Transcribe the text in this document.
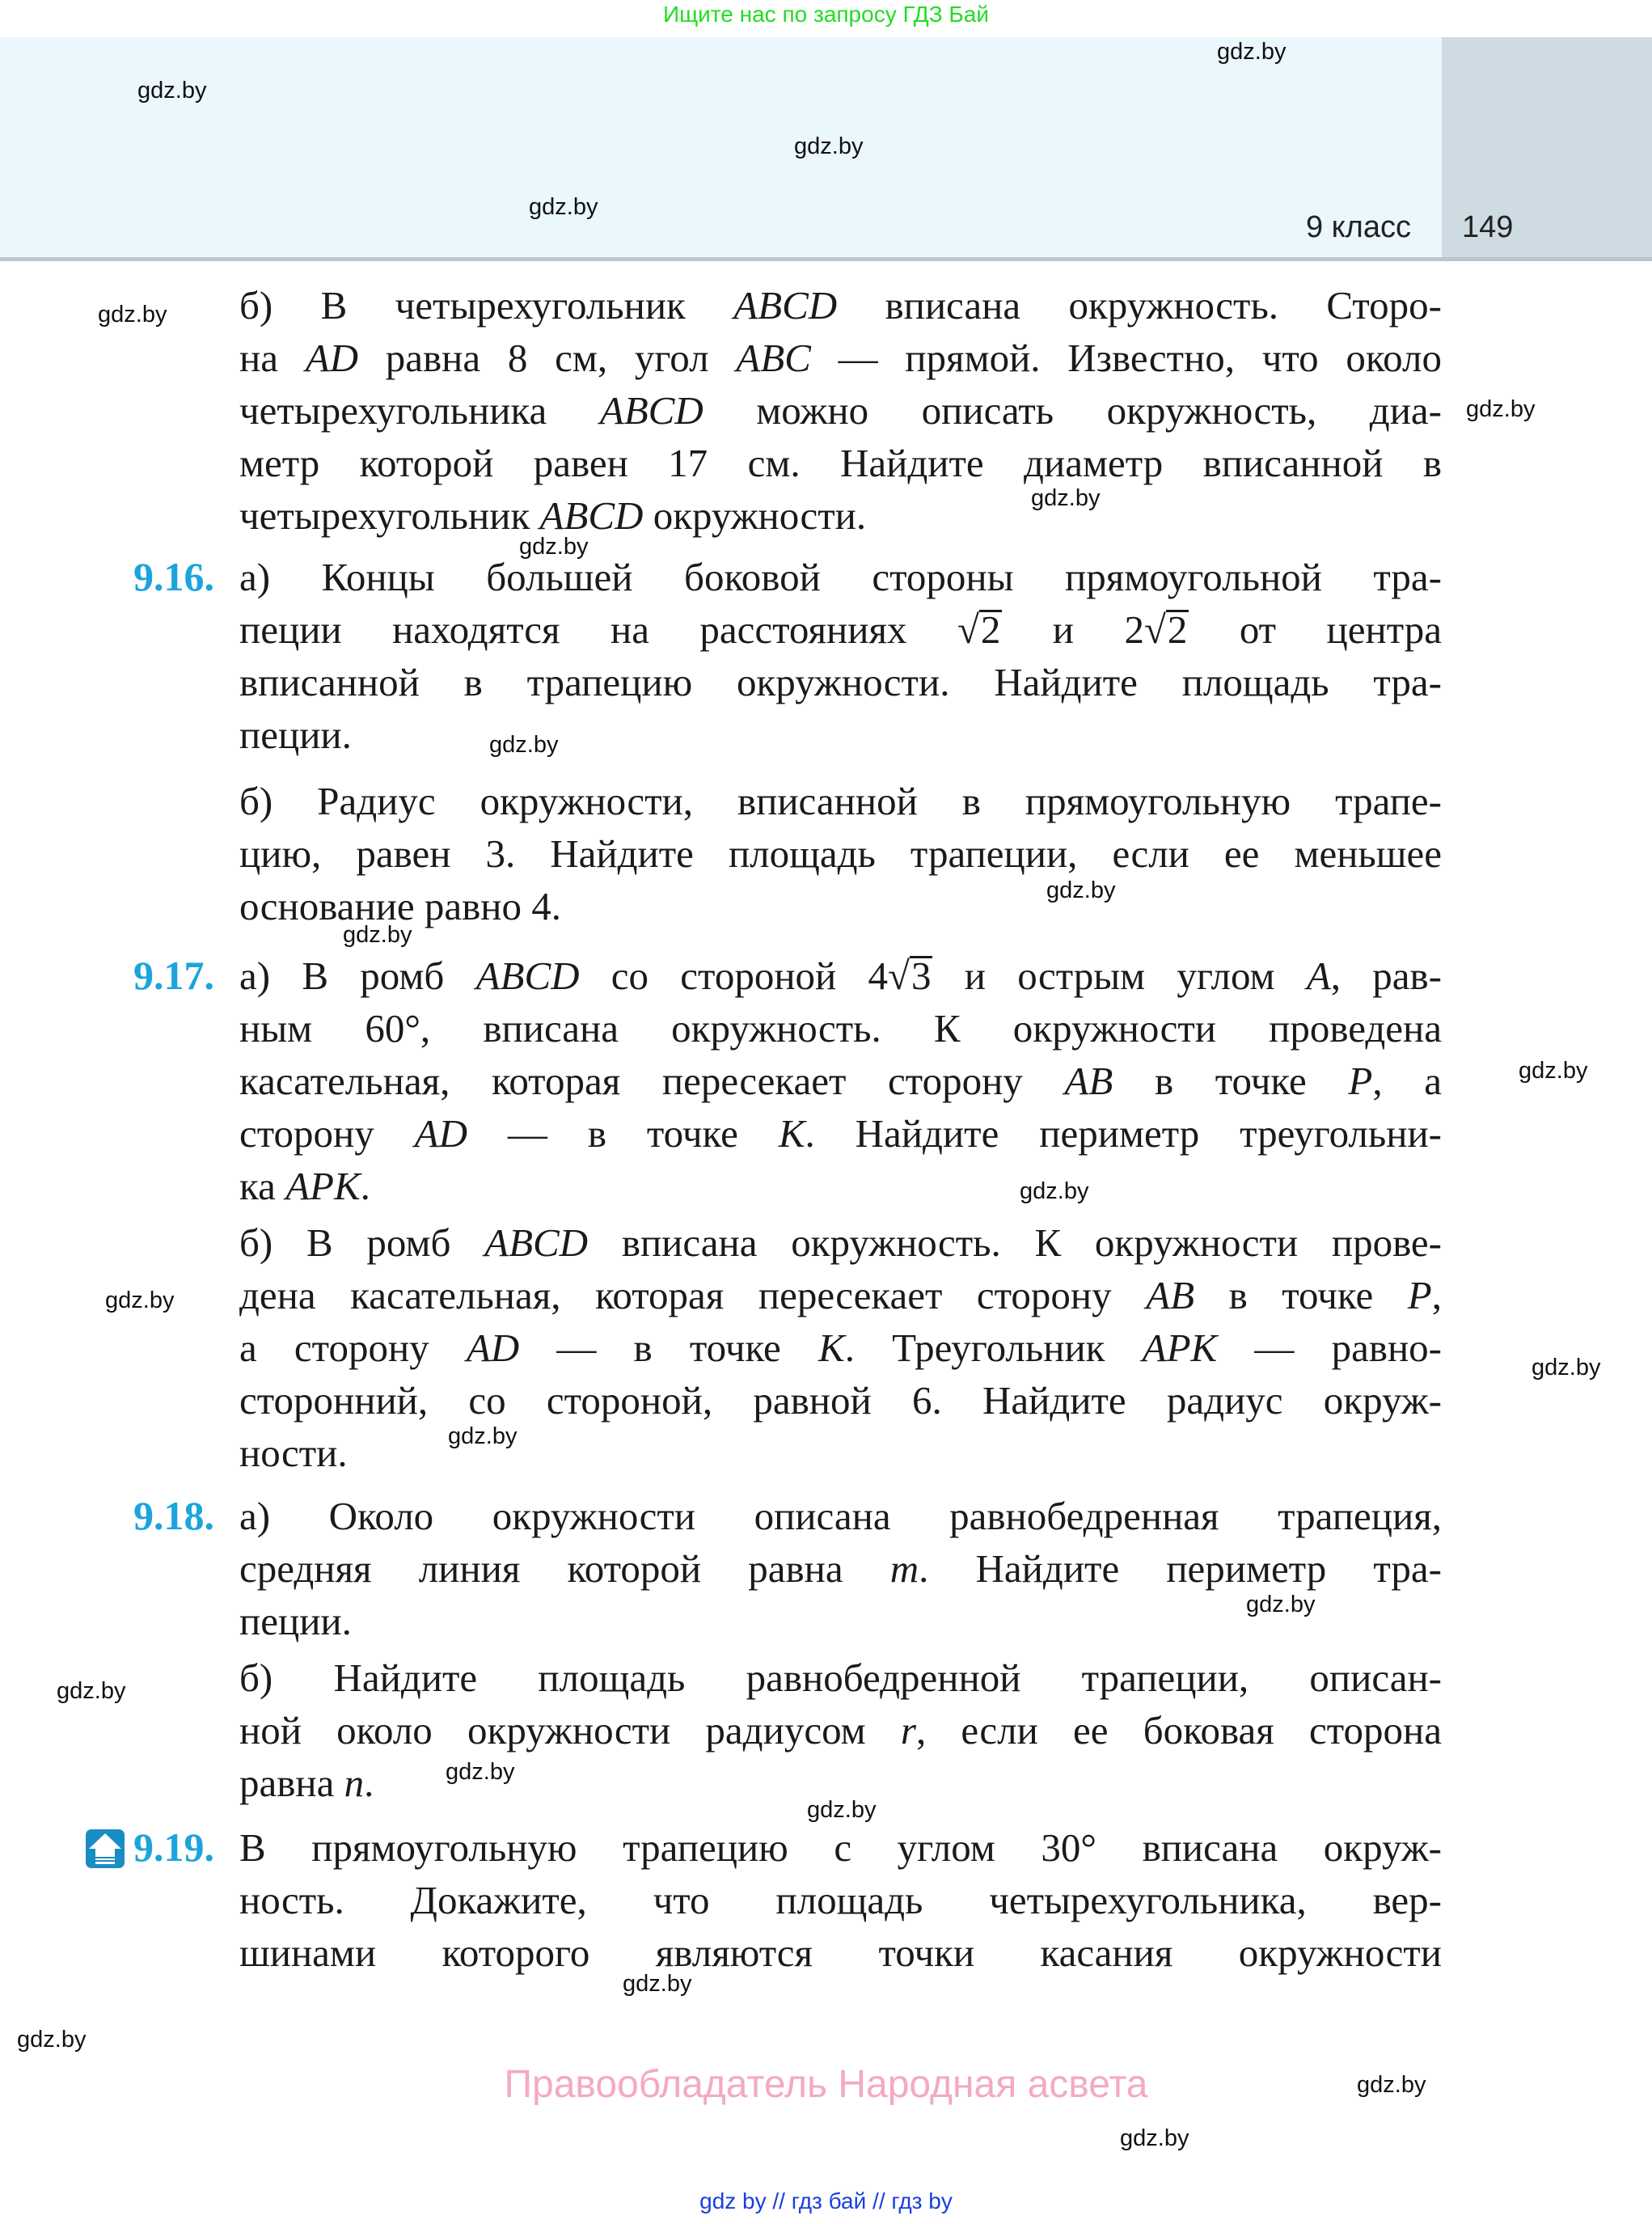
Ищите нас по запросу ГДЗ Бай
9 класс 149
б) В четырехугольник ABCD вписана окружность. Сторо-
на AD равна 8 см, угол ABC — прямой. Известно, что около
четырехугольника ABCD можно описать окружность, диа-
метр которой равен 17 см. Найдите диаметр вписанной в
четырехугольник ABCD окружности.
9.16. а) Концы большей боковой стороны прямоугольной тра-
пеции находятся на расстояниях √2 и 2√2 от центра
вписанной в трапецию окружности. Найдите площадь тра-
пеции.
б) Радиус окружности, вписанной в прямоугольную трапе-
цию, равен 3. Найдите площадь трапеции, если ее меньшее
основание равно 4.
9.17. а) В ромб ABCD со стороной 4√3 и острым углом A, рав-
ным 60°, вписана окружность. К окружности проведена
касательная, которая пересекает сторону AB в точке P, а
сторону AD — в точке K. Найдите периметр треугольни-
ка APK.
б) В ромб ABCD вписана окружность. К окружности прове-
дена касательная, которая пересекает сторону AB в точке P,
а сторону AD — в точке K. Треугольник APK — равно-
сторонний, со стороной, равной 6. Найдите радиус окруж-
ности.
9.18. а) Около окружности описана равнобедренная трапеция,
средняя линия которой равна m. Найдите периметр тра-
пеции.
б) Найдите площадь равнобедренной трапеции, описан-
ной около окружности радиусом r, если ее боковая сторона
равна n.
9.19. В прямоугольную трапецию с углом 30° вписана окруж-
ность. Докажите, что площадь четырехугольника, вер-
шинами которого являются точки касания окружности
gdz.by
gdz.by
gdz.by
gdz.by
gdz.by
gdz.by
gdz.by
gdz.by
gdz.by
gdz.by
gdz.by
gdz.by
gdz.by
gdz.by
gdz.by
gdz.by
gdz.by
gdz.by
gdz.by
gdz.by
gdz.by
gdz.by
gdz.by
gdz.by
Правообладатель Народная асвета
gdz by // гдз бай // гдз by
